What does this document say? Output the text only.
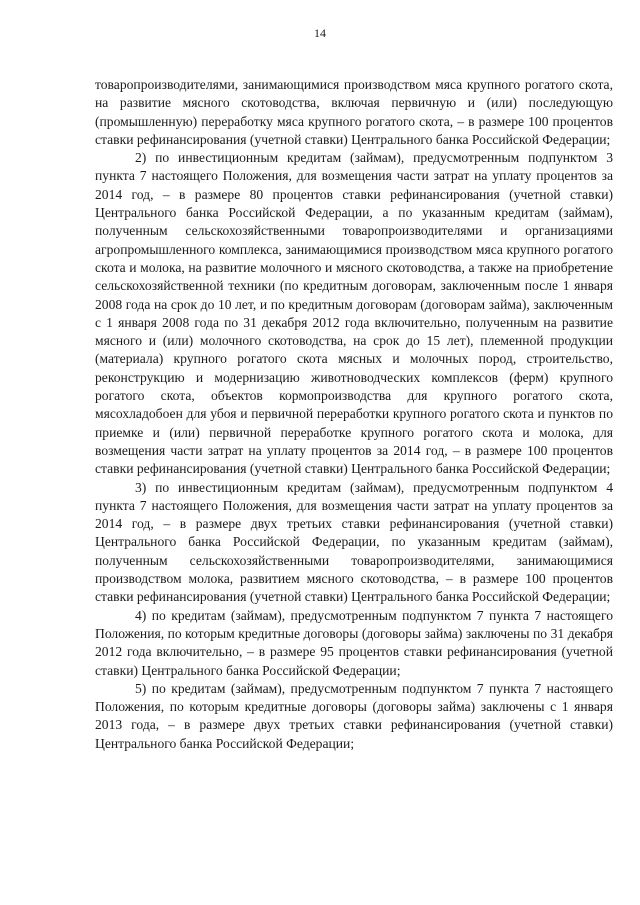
14

товаропроизводителями, занимающимися производством мяса крупного рогатого скота, на развитие мясного скотоводства, включая первичную и (или) последующую (промышленную) переработку мяса крупного рогатого скота, – в размере 100 процентов ставки рефинансирования (учетной ставки) Центрального банка Российской Федерации;

2) по инвестиционным кредитам (займам), предусмотренным подпунктом 3 пункта 7 настоящего Положения, для возмещения части затрат на уплату процентов за 2014 год, – в размере 80 процентов ставки рефинансирования (учетной ставки) Центрального банка Российской Федерации, а по указанным кредитам (займам), полученным сельскохозяйственными товаропроизводителями и организациями агропромышленного комплекса, занимающимися производством мяса крупного рогатого скота и молока, на развитие молочного и мясного скотоводства, а также на приобретение сельскохозяйственной техники (по кредитным договорам, заключенным после 1 января 2008 года на срок до 10 лет, и по кредитным договорам (договорам займа), заключенным с 1 января 2008 года по 31 декабря 2012 года включительно, полученным на развитие мясного и (или) молочного скотоводства, на срок до 15 лет), племенной продукции (материала) крупного рогатого скота мясных и молочных пород, строительство, реконструкцию и модернизацию животноводческих комплексов (ферм) крупного рогатого скота, объектов кормопроизводства для крупного рогатого скота, мясохладобоен для убоя и первичной переработки крупного рогатого скота и пунктов по приемке и (или) первичной переработке крупного рогатого скота и молока, для возмещения части затрат на уплату процентов за 2014 год, – в размере 100 процентов ставки рефинансирования (учетной ставки) Центрального банка Российской Федерации;

3) по инвестиционным кредитам (займам), предусмотренным подпунктом 4 пункта 7 настоящего Положения, для возмещения части затрат на уплату процентов за 2014 год, – в размере двух третьих ставки рефинансирования (учетной ставки) Центрального банка Российской Федерации, по указанным кредитам (займам), полученным сельскохозяйственными товаропроизводителями, занимающимися производством молока, развитием мясного скотоводства, – в размере 100 процентов ставки рефинансирования (учетной ставки) Центрального банка Российской Федерации;

4) по кредитам (займам), предусмотренным подпунктом 7 пункта 7 настоящего Положения, по которым кредитные договоры (договоры займа) заключены по 31 декабря 2012 года включительно, – в размере 95 процентов ставки рефинансирования (учетной ставки) Центрального банка Российской Федерации;

5) по кредитам (займам), предусмотренным подпунктом 7 пункта 7 настоящего Положения, по которым кредитные договоры (договоры займа) заключены с 1 января 2013 года, – в размере двух третьих ставки рефинансирования (учетной ставки) Центрального банка Российской Федерации;
